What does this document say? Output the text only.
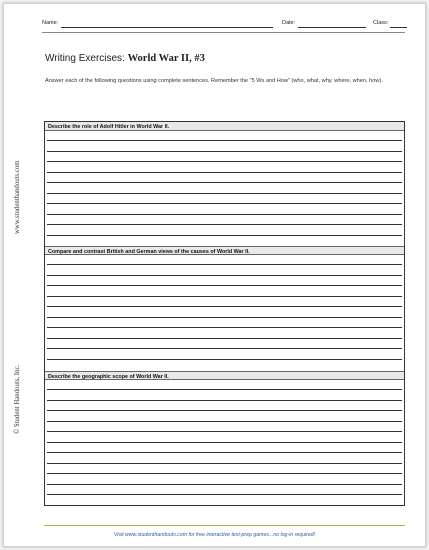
Name:	Date:	Class:
Writing Exercises: World War II, #3
Answer each of the following questions using complete sentences. Remember the "5 Ws and How" (who, what, why, where, when, how).
www.studenthandouts.com
© Student Handouts, Inc.
Describe the role of Adolf Hitler in World War II.
Compare and contrast British and German views of the causes of World War II.
Describe the geographic scope of World War II.
Visit www.studenthandouts.com for free interactive test-prep games...no log-in required!
